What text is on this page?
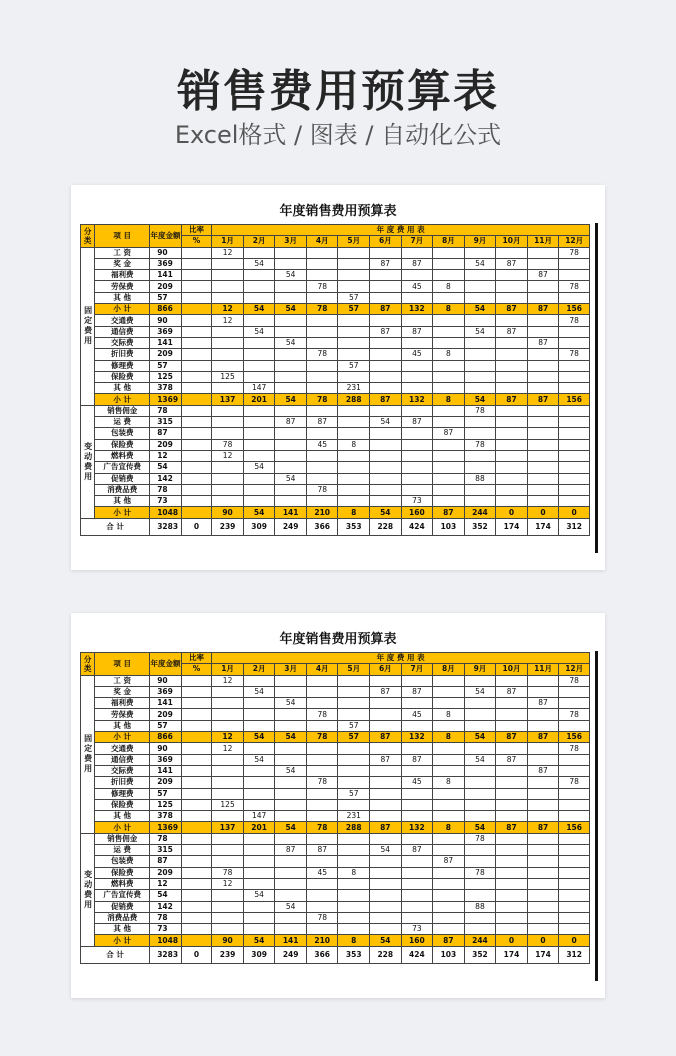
销售费用预算表
Excel格式 / 图表 / 自动化公式
年度销售费用预算表
分类	项 目	年度金额	比率	年 度 费 用 表											
			%	1月	2月	3月	4月	5月	6月	7月	8月	9月	10月	11月	12月
固定费用	工 资	90		12											78
	奖 金	369			54				87	87		54	87		
	福利费	141				54								87	
	劳保费	209					78			45	8				78
	其 他	57						57							
	小 计	866		12	54	54	78	57	87	132	8	54	87	87	156
	交通费	90		12											78
	通信费	369			54				87	87		54	87		
	交际费	141				54								87	
	折旧费	209					78			45	8				78
	修理费	57						57							
	保险费	125		125											
	其 他	378			147			231							
	小 计	1369		137	201	54	78	288	87	132	8	54	87	87	156
变动费用	销售佣金	78										78			
	运 费	315				87	87		54	87					
	包装费	87									87				
	保险费	209		78			45	8				78			
	燃料费	12		12											
	广告宣传费	54			54										
	促销费	142				54						88			
	消费品费	78					78								
	其 他	73								73					
	小 计	1048		90	54	141	210	8	54	160	87	244	0	0	0
合 计		3283	0	239	309	249	366	353	228	424	103	352	174	174	312
年度销售费用预算表
分类	项 目	年度金额	比率	年 度 费 用 表											
			%	1月	2月	3月	4月	5月	6月	7月	8月	9月	10月	11月	12月
固定费用	工 资	90		12											78
	奖 金	369			54				87	87		54	87		
	福利费	141				54								87	
	劳保费	209					78			45	8				78
	其 他	57						57							
	小 计	866		12	54	54	78	57	87	132	8	54	87	87	156
	交通费	90		12											78
	通信费	369			54				87	87		54	87		
	交际费	141				54								87	
	折旧费	209					78			45	8				78
	修理费	57						57							
	保险费	125		125											
	其 他	378			147			231							
	小 计	1369		137	201	54	78	288	87	132	8	54	87	87	156
变动费用	销售佣金	78										78			
	运 费	315				87	87		54	87					
	包装费	87									87				
	保险费	209		78			45	8				78			
	燃料费	12		12											
	广告宣传费	54			54										
	促销费	142				54						88			
	消费品费	78					78								
	其 他	73								73					
	小 计	1048		90	54	141	210	8	54	160	87	244	0	0	0
合 计		3283	0	239	309	249	366	353	228	424	103	352	174	174	312
